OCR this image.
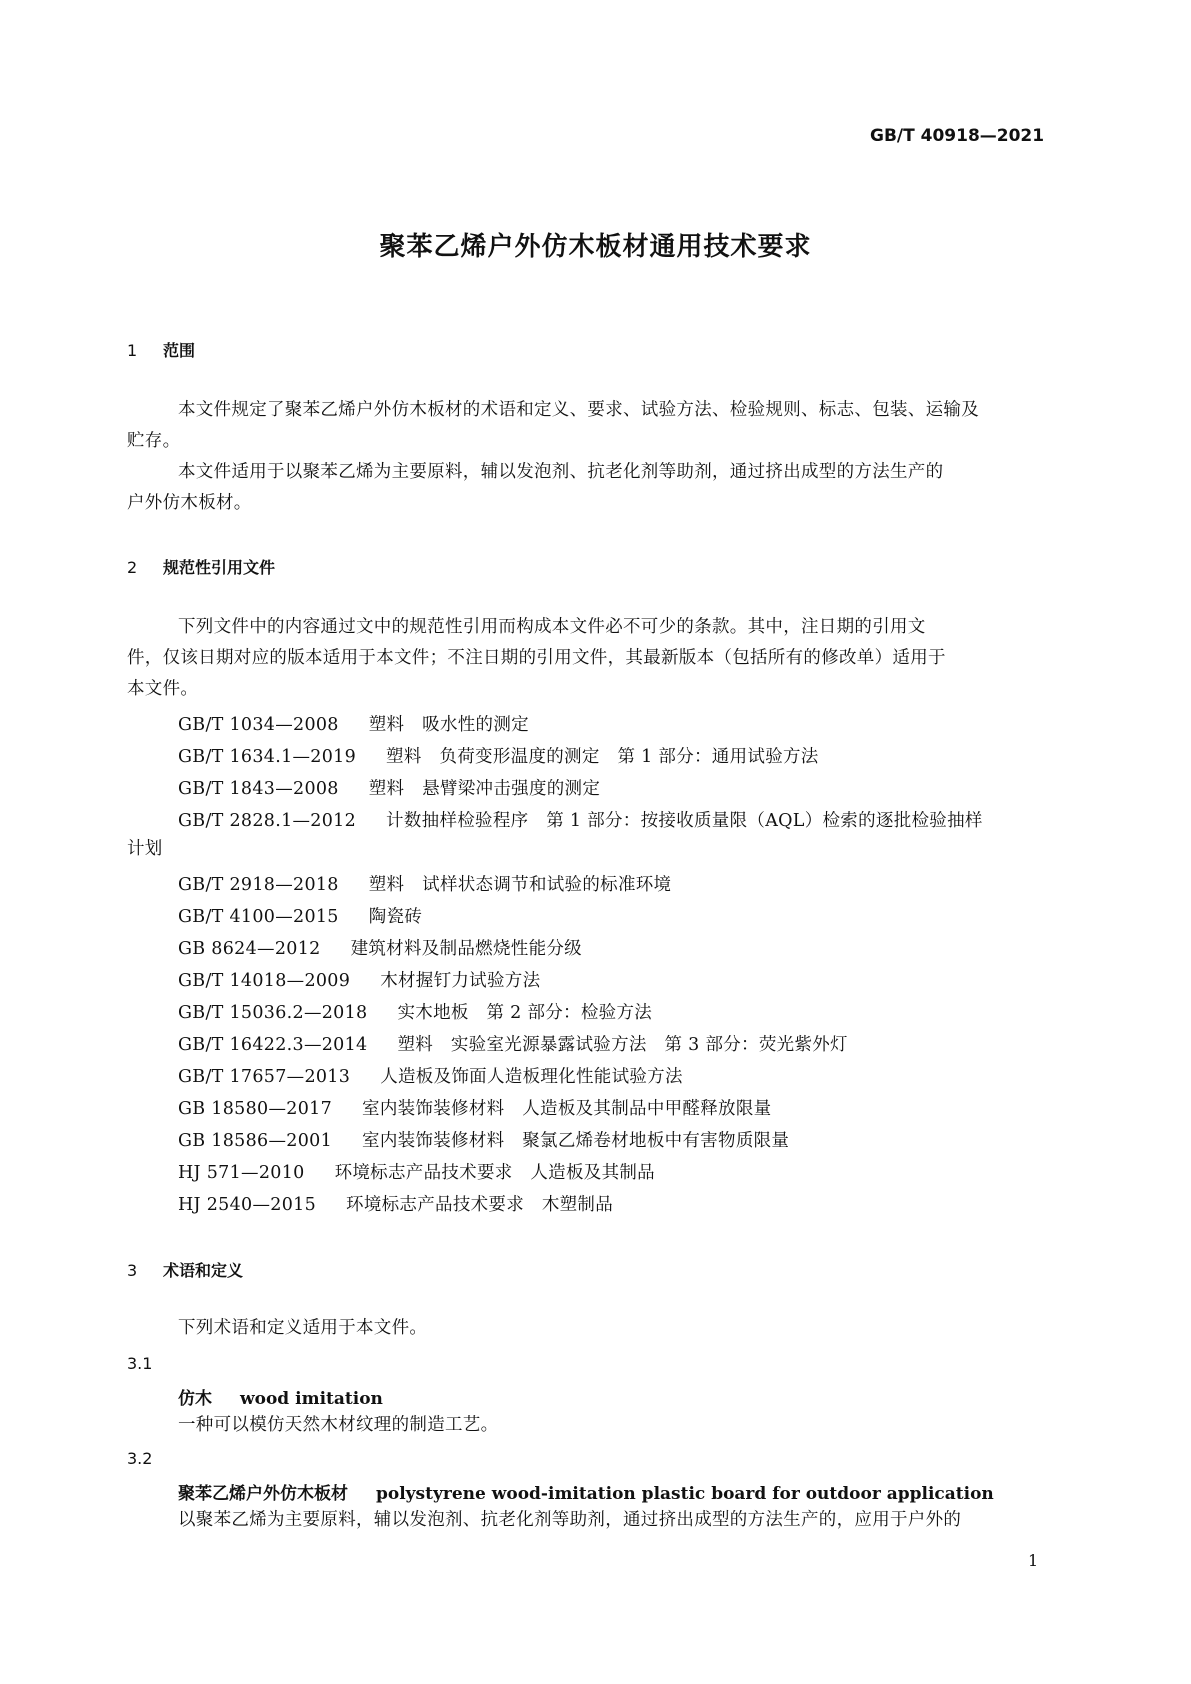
GB/T 40918—2021
聚苯乙烯户外仿木板材通用技术要求
1 范围
本文件规定了聚苯乙烯户外仿木板材的术语和定义、要求、试验方法、检验规则、标志、包装、运输及
贮存。
本文件适用于以聚苯乙烯为主要原料，辅以发泡剂、抗老化剂等助剂，通过挤出成型的方法生产的
户外仿木板材。
2 规范性引用文件
下列文件中的内容通过文中的规范性引用而构成本文件必不可少的条款。其中，注日期的引用文
件，仅该日期对应的版本适用于本文件；不注日期的引用文件，其最新版本（包括所有的修改单）适用于
本文件。
GB/T 1034—2008 塑料　吸水性的测定
GB/T 1634.1—2019 塑料　负荷变形温度的测定　第 1 部分：通用试验方法
GB/T 1843—2008 塑料　悬臂梁冲击强度的测定
GB/T 2828.1—2012 计数抽样检验程序　第 1 部分：按接收质量限（AQL）检索的逐批检验抽样
计划
GB/T 2918—2018 塑料　试样状态调节和试验的标准环境
GB/T 4100—2015 陶瓷砖
GB 8624—2012 建筑材料及制品燃烧性能分级
GB/T 14018—2009 木材握钉力试验方法
GB/T 15036.2—2018 实木地板　第 2 部分：检验方法
GB/T 16422.3—2014 塑料　实验室光源暴露试验方法　第 3 部分：荧光紫外灯
GB/T 17657—2013 人造板及饰面人造板理化性能试验方法
GB 18580—2017 室内装饰装修材料　人造板及其制品中甲醛释放限量
GB 18586—2001 室内装饰装修材料　聚氯乙烯卷材地板中有害物质限量
HJ 571—2010 环境标志产品技术要求　人造板及其制品
HJ 2540—2015 环境标志产品技术要求　木塑制品
3 术语和定义
下列术语和定义适用于本文件。
3.1
仿木 wood imitation
一种可以模仿天然木材纹理的制造工艺。
3.2
聚苯乙烯户外仿木板材 polystyrene wood-imitation plastic board for outdoor application
以聚苯乙烯为主要原料，辅以发泡剂、抗老化剂等助剂，通过挤出成型的方法生产的，应用于户外的
1
